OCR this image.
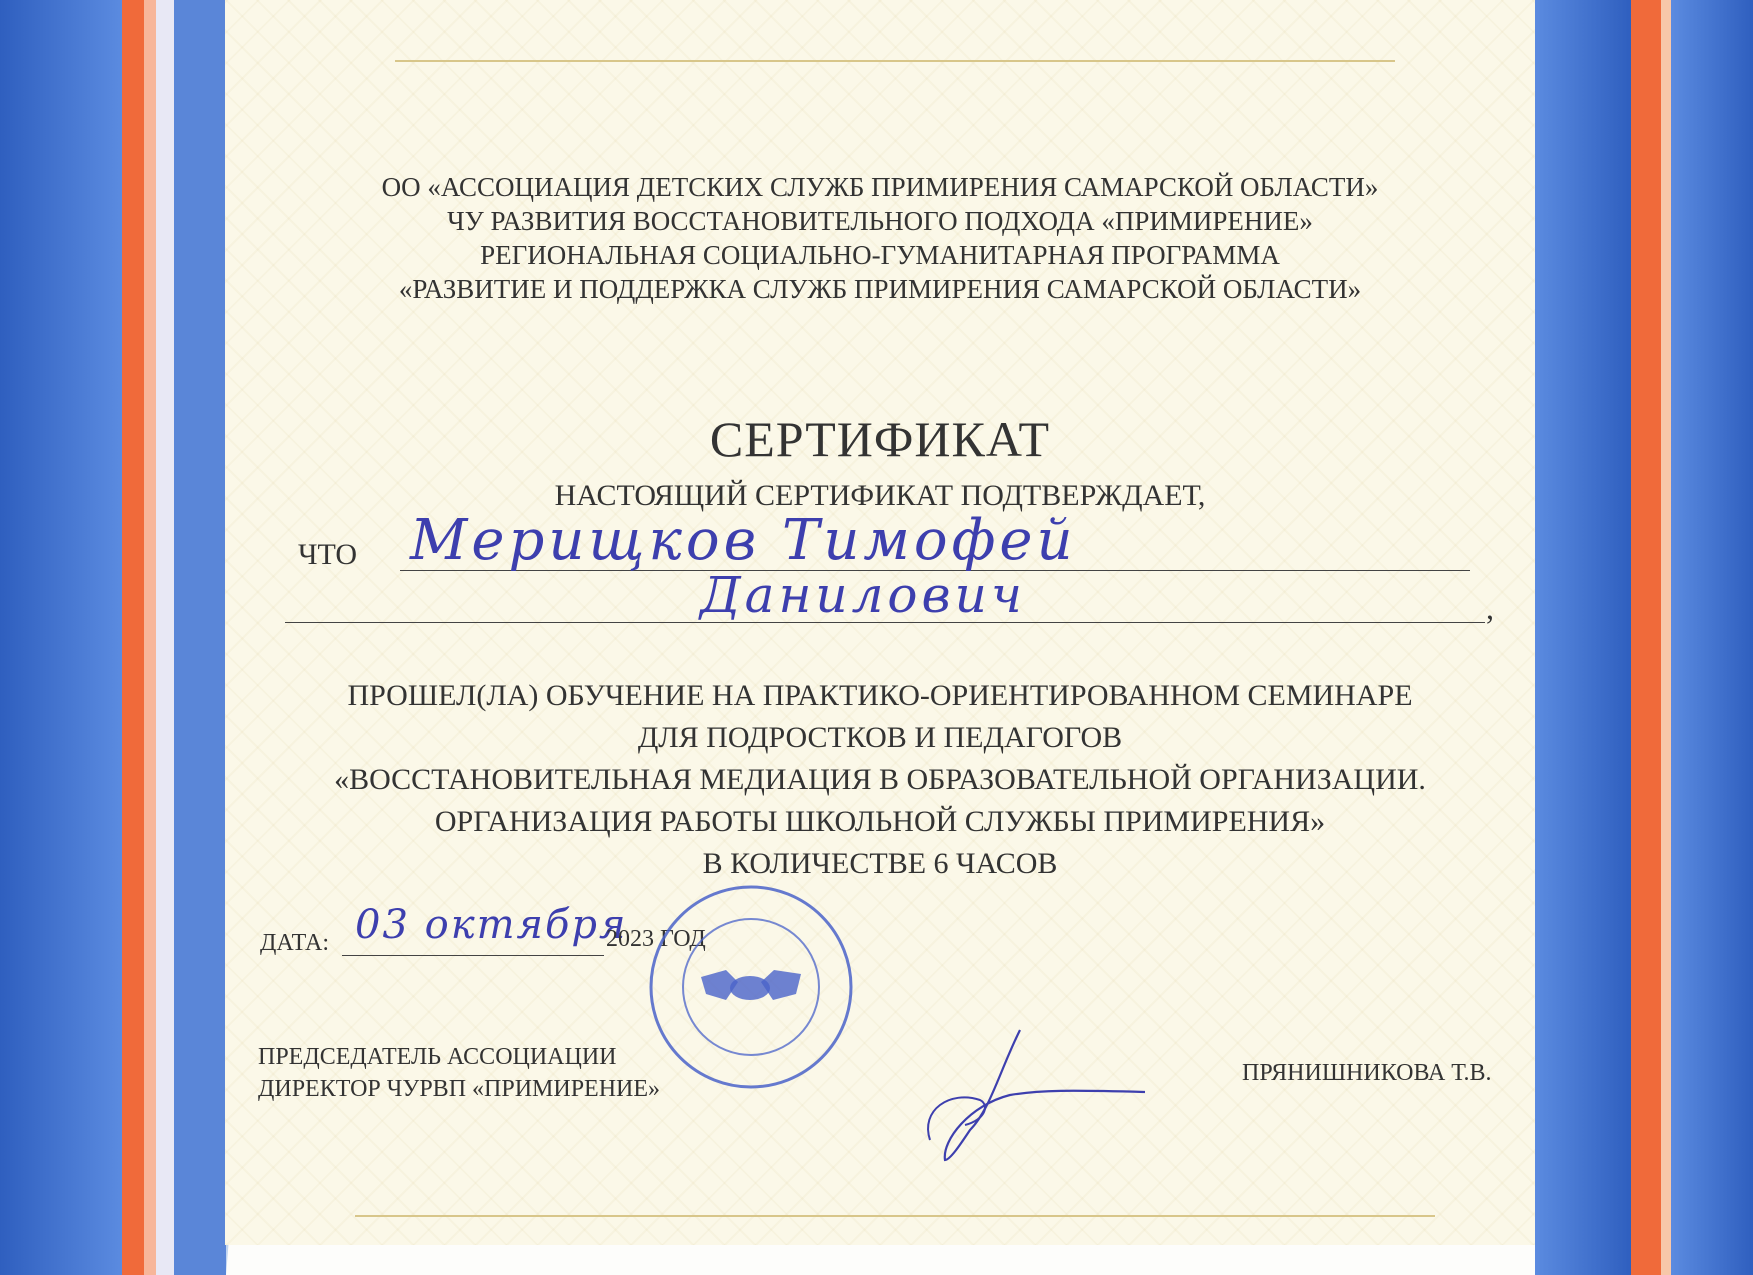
ОО «АССОЦИАЦИЯ ДЕТСКИХ СЛУЖБ ПРИМИРЕНИЯ САМАРСКОЙ ОБЛАСТИ»
ЧУ РАЗВИТИЯ ВОССТАНОВИТЕЛЬНОГО ПОДХОДА «ПРИМИРЕНИЕ»
РЕГИОНАЛЬНАЯ СОЦИАЛЬНО-ГУМАНИТАРНАЯ ПРОГРАММА
«РАЗВИТИЕ И ПОДДЕРЖКА СЛУЖБ ПРИМИРЕНИЯ САМАРСКОЙ ОБЛАСТИ»
СЕРТИФИКАТ
НАСТОЯЩИЙ СЕРТИФИКАТ ПОДТВЕРЖДАЕТ,
ЧТО Мерищков Тимофей
Данилович	,
ПРОШЕЛ(ЛА) ОБУЧЕНИЕ НА ПРАКТИКО-ОРИЕНТИРОВАННОМ СЕМИНАРЕ
ДЛЯ ПОДРОСТКОВ И ПЕДАГОГОВ
«ВОССТАНОВИТЕЛЬНАЯ МЕДИАЦИЯ В ОБРАЗОВАТЕЛЬНОЙ ОРГАНИЗАЦИИ.
ОРГАНИЗАЦИЯ РАБОТЫ ШКОЛЬНОЙ СЛУЖБЫ ПРИМИРЕНИЯ»
В КОЛИЧЕСТВЕ 6 ЧАСОВ
ДАТА: 03 октября
2023 ГОД
ПРЕДСЕДАТЕЛЬ АССОЦИАЦИИ
ДИРЕКТОР ЧУРВП «ПРИМИРЕНИЕ»
ПРЯНИШНИКОВА Т.В.
